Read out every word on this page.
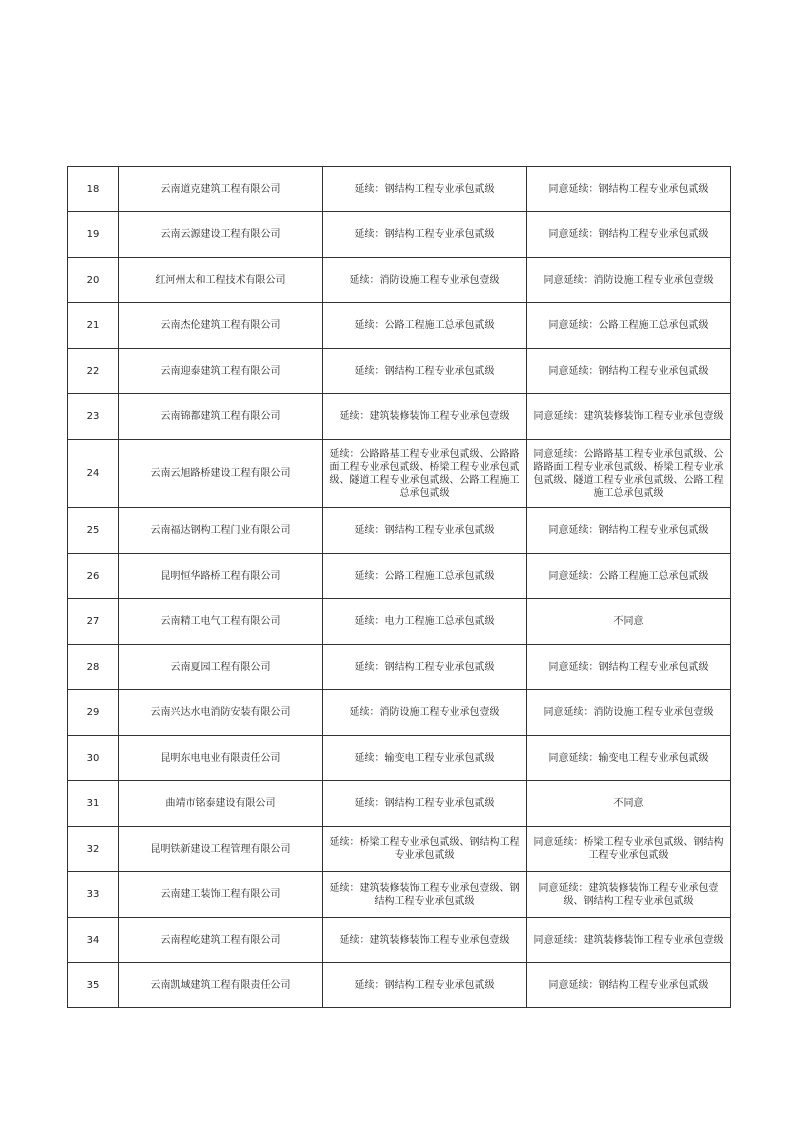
18	云南道克建筑工程有限公司	延续：钢结构工程专业承包贰级	同意延续：钢结构工程专业承包贰级
19	云南云源建设工程有限公司	延续：钢结构工程专业承包贰级	同意延续：钢结构工程专业承包贰级
20	红河州太和工程技术有限公司	延续：消防设施工程专业承包壹级	同意延续：消防设施工程专业承包壹级
21	云南杰伦建筑工程有限公司	延续：公路工程施工总承包贰级	同意延续：公路工程施工总承包贰级
22	云南迎泰建筑工程有限公司	延续：钢结构工程专业承包贰级	同意延续：钢结构工程专业承包贰级
23	云南锦都建筑工程有限公司	延续：建筑装修装饰工程专业承包壹级	同意延续：建筑装修装饰工程专业承包壹级
24	云南云旭路桥建设工程有限公司	延续：公路路基工程专业承包贰级、公路路面工程专业承包贰级、桥梁工程专业承包贰级、隧道工程专业承包贰级、公路工程施工总承包贰级	同意延续：公路路基工程专业承包贰级、公路路面工程专业承包贰级、桥梁工程专业承包贰级、隧道工程专业承包贰级、公路工程施工总承包贰级
25	云南福达钢构工程门业有限公司	延续：钢结构工程专业承包贰级	同意延续：钢结构工程专业承包贰级
26	昆明恒华路桥工程有限公司	延续：公路工程施工总承包贰级	同意延续：公路工程施工总承包贰级
27	云南精工电气工程有限公司	延续：电力工程施工总承包贰级	不同意
28	云南夏园工程有限公司	延续：钢结构工程专业承包贰级	同意延续：钢结构工程专业承包贰级
29	云南兴达水电消防安装有限公司	延续：消防设施工程专业承包壹级	同意延续：消防设施工程专业承包壹级
30	昆明东电电业有限责任公司	延续：输变电工程专业承包贰级	同意延续：输变电工程专业承包贰级
31	曲靖市铭泰建设有限公司	延续：钢结构工程专业承包贰级	不同意
32	昆明铁新建设工程管理有限公司	延续：桥梁工程专业承包贰级、钢结构工程专业承包贰级	同意延续：桥梁工程专业承包贰级、钢结构工程专业承包贰级
33	云南建工装饰工程有限公司	延续：建筑装修装饰工程专业承包壹级、钢结构工程专业承包贰级	同意延续：建筑装修装饰工程专业承包壹级、钢结构工程专业承包贰级
34	云南程屹建筑工程有限公司	延续：建筑装修装饰工程专业承包壹级	同意延续：建筑装修装饰工程专业承包壹级
35	云南凯域建筑工程有限责任公司	延续：钢结构工程专业承包贰级	同意延续：钢结构工程专业承包贰级
